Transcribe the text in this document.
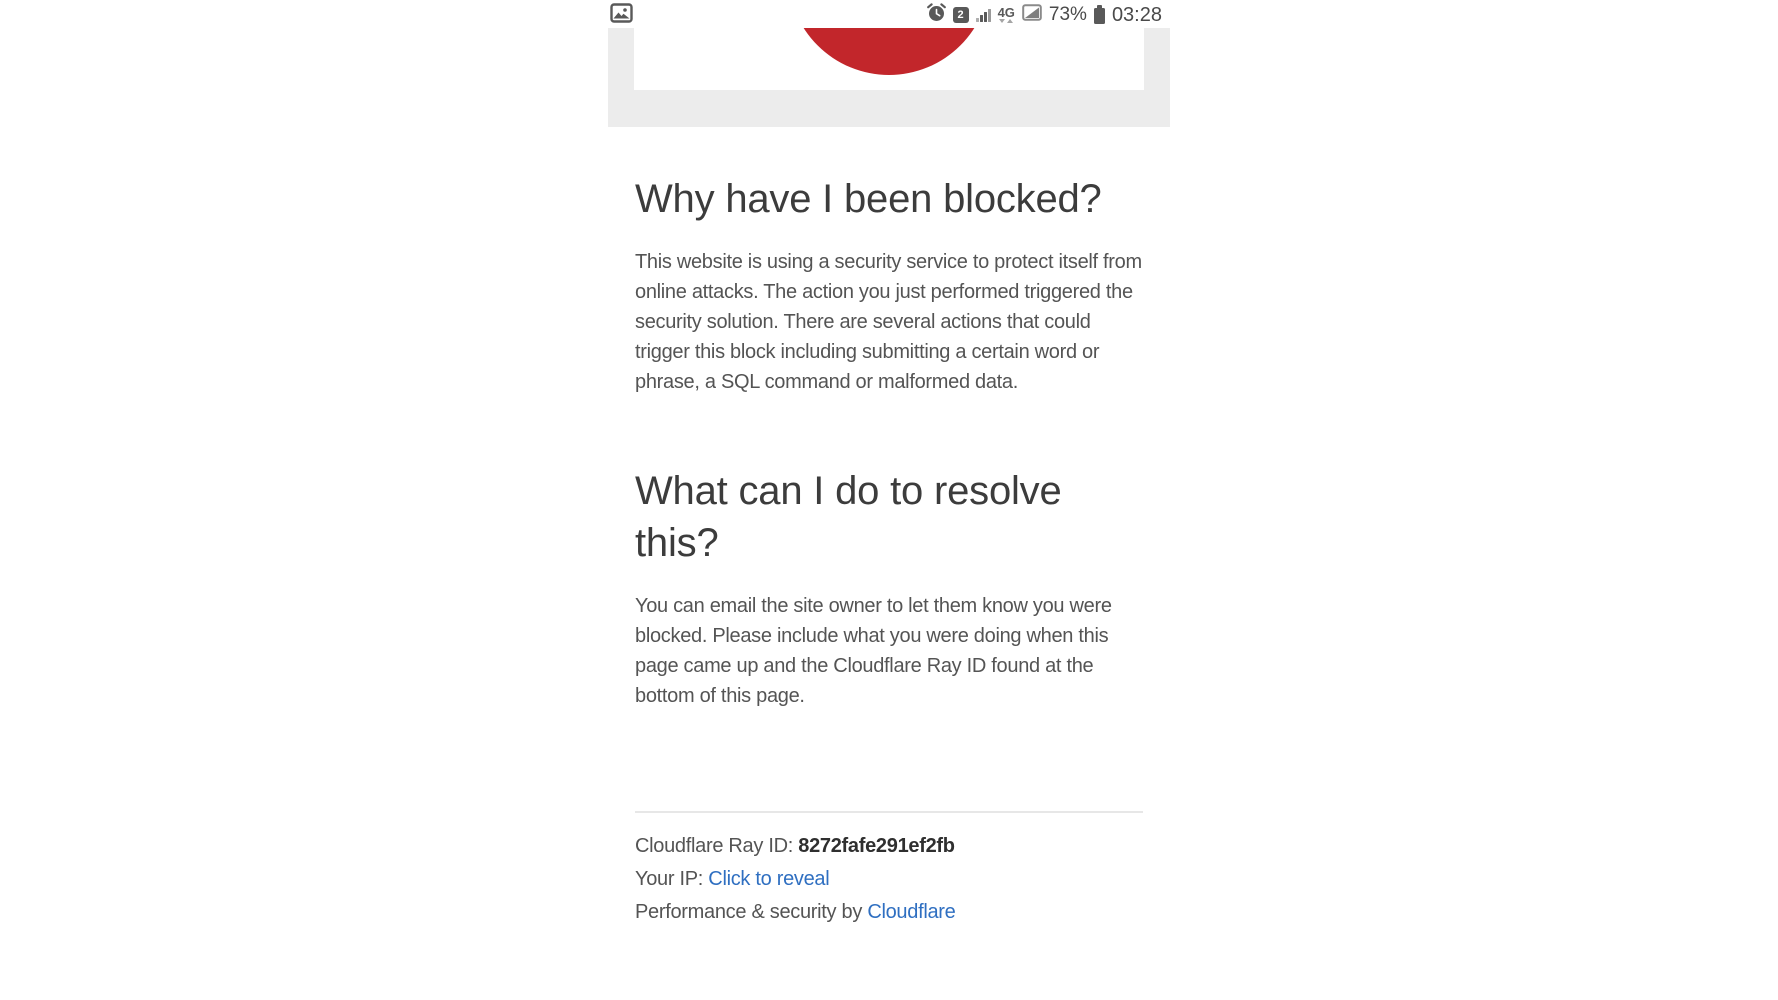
2	4G 73% 03:28
Why have I been blocked?

This website is using a security service to protect itself from online attacks. The action you just performed triggered the security solution. There are several actions that could trigger this block including submitting a certain word or phrase, a SQL command or malformed data.

What can I do to resolve this?

You can email the site owner to let them know you were blocked. Please include what you were doing when this page came up and the Cloudflare Ray ID found at the bottom of this page.

Cloudflare Ray ID: 8272fafe291ef2fb
Your IP: Click to reveal
Performance & security by Cloudflare
